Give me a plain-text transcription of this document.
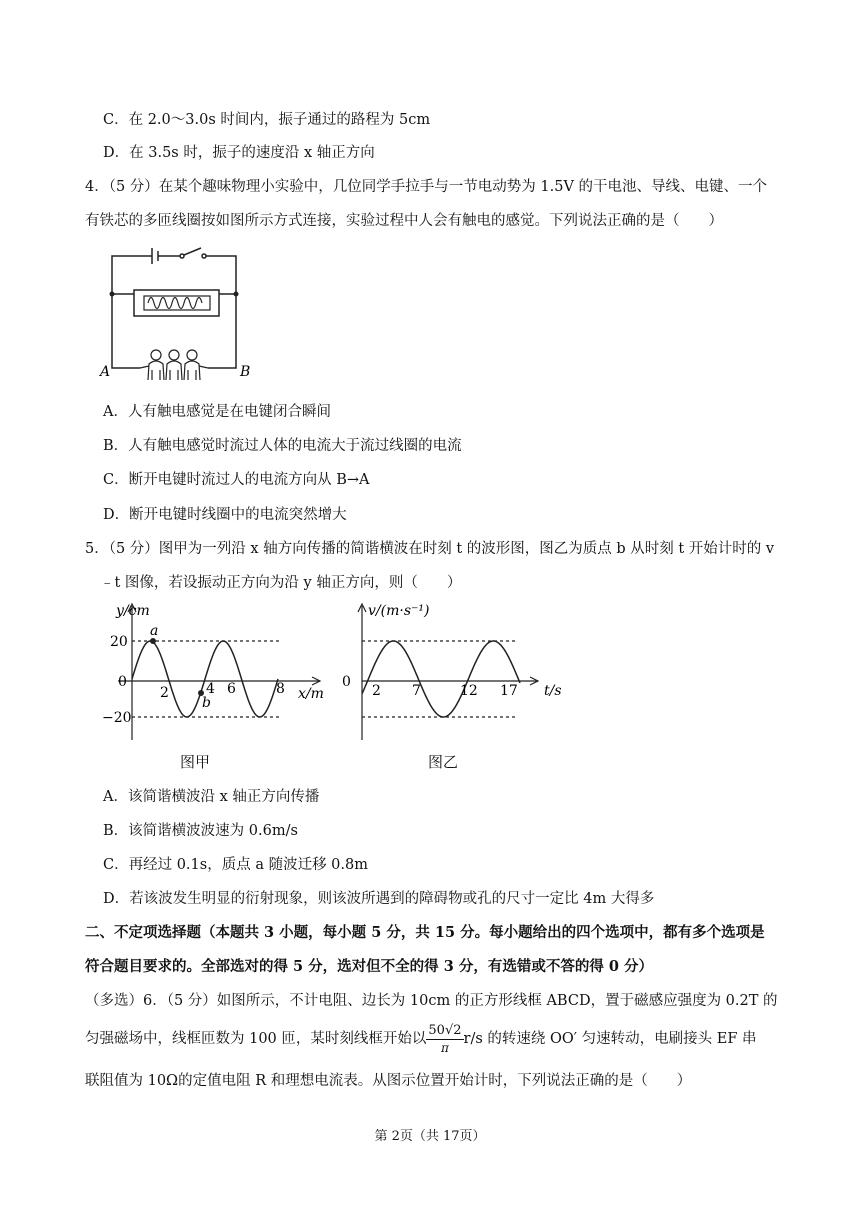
C．在 2.0～3.0s 时间内，振子通过的路程为 5cm
D．在 3.5s 时，振子的速度沿 x 轴正方向
4．（5 分）在某个趣味物理小实验中，几位同学手拉手与一节电动势为 1.5V 的干电池、导线、电键、一个
有铁芯的多匝线圈按如图所示方式连接，实验过程中人会有触电的感觉。下列说法正确的是（　　）
A	B
A．人有触电感觉是在电键闭合瞬间
B．人有触电感觉时流过人体的电流大于流过线圈的电流
C．断开电键时流过人的电流方向从 B→A
D．断开电键时线圈中的电流突然增大
5．（5 分）图甲为一列沿 x 轴方向传播的简谐横波在时刻 t 的波形图，图乙为质点 b 从时刻 t 开始计时的 v
﹣t 图像，若设振动正方向为沿 y 轴正方向，则（　　）
y/cm
x/m
20
0
−20
2	4 6	8
a
b
图甲
v/(m·s⁻¹)
t/s
0
2 7	12 17
图乙
A．该简谐横波沿 x 轴正方向传播
B．该简谐横波波速为 0.6m/s
C．再经过 0.1s，质点 a 随波迁移 0.8m
D．若该波发生明显的衍射现象，则该波所遇到的障碍物或孔的尺寸一定比 4m 大得多
二、不定项选择题（本题共 3 小题，每小题 5 分，共 15 分。每小题给出的四个选项中，都有多个选项是
符合题目要求的。全部选对的得 5 分，选对但不全的得 3 分，有选错或不答的得 0 分）
（多选）6．（5 分）如图所示，不计电阻、边长为 10cm 的正方形线框 ABCD，置于磁感应强度为 0.2T 的
匀强磁场中，线框匝数为 100 匝，某时刻线框开始以 $\frac{50√2}{\pi} r/s$ 的转速绕 OO′ 匀速转动，电刷接头 EF 串
联阻值为 10Ω的定值电阻 R 和理想电流表。从图示位置开始计时，下列说法正确的是（　　）
第 2页（共 17页）
